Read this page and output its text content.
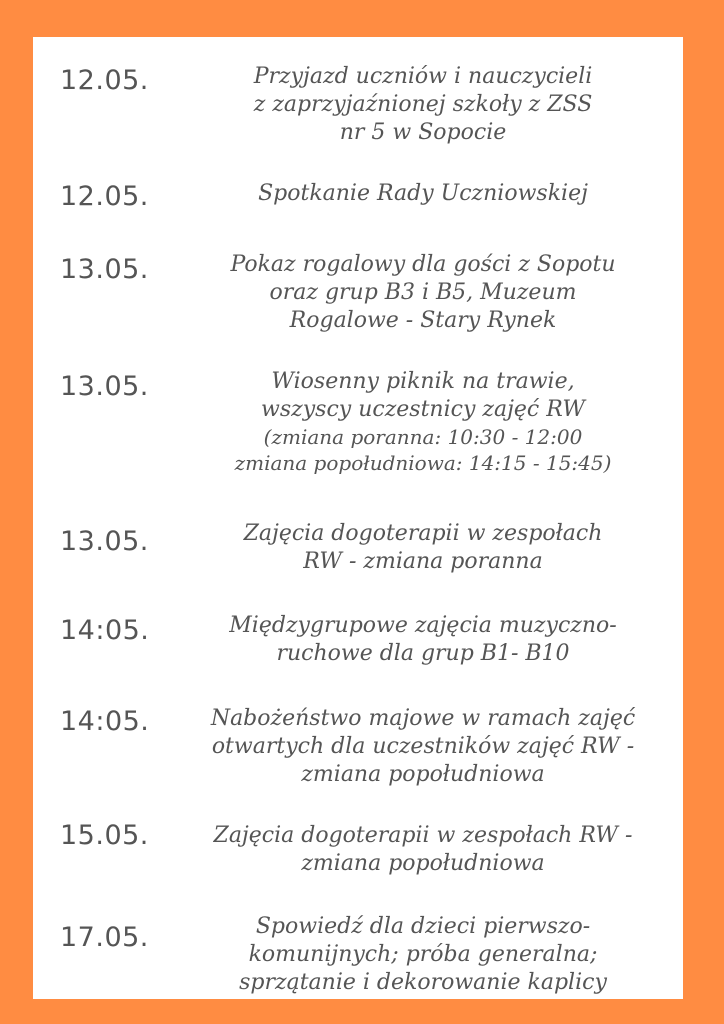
12.05.	Przyjazd uczniów i nauczycieli
z zaprzyjaźnionej szkoły z ZSS
nr 5 w Sopocie
12.05.	Spotkanie Rady Uczniowskiej
13.05.	Pokaz rogalowy dla gości z Sopotu
oraz grup B3 i B5, Muzeum
Rogalowe - Stary Rynek
13.05.	Wiosenny piknik na trawie,
wszyscy uczestnicy zajęć RW
(zmiana poranna: 10:30 - 12:00
zmiana popołudniowa: 14:15 - 15:45)
13.05.	Zajęcia dogoterapii w zespołach
RW - zmiana poranna
14:05.	Międzygrupowe zajęcia muzyczno-
ruchowe dla grup B1- B10
14:05.	Nabożeństwo majowe w ramach zajęć
otwartych dla uczestników zajęć RW -
zmiana popołudniowa
15.05.	Zajęcia dogoterapii w zespołach RW -
zmiana popołudniowa
17.05.	Spowiedź dla dzieci pierwszo-
komunijnych; próba generalna;
sprzątanie i dekorowanie kaplicy
